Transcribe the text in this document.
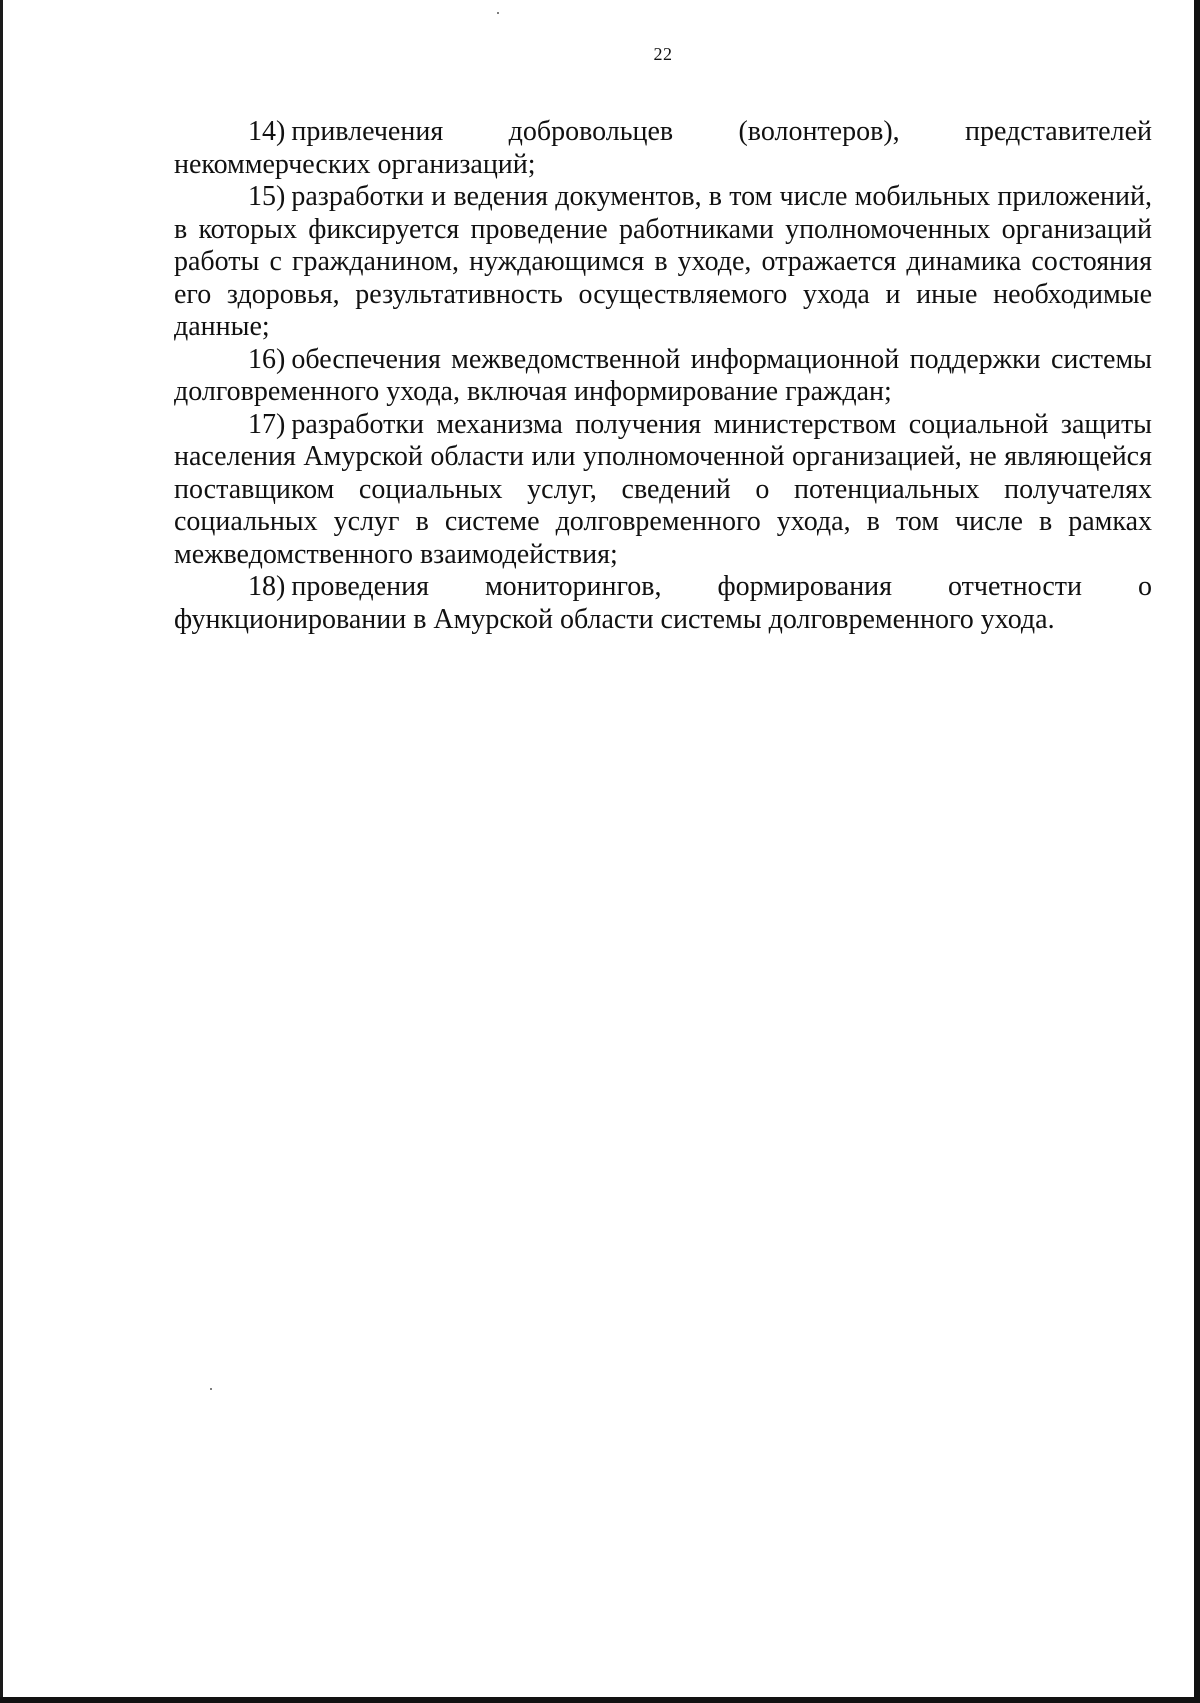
22

14) привлечения добровольцев (волонтеров), представителей некоммерческих организаций;

15) разработки и ведения документов, в том числе мобильных приложений, в которых фиксируется проведение работниками уполномоченных организаций работы с гражданином, нуждающимся в уходе, отражается динамика состояния его здоровья, результативность осуществляемого ухода и иные необходимые данные;

16) обеспечения межведомственной информационной поддержки системы долговременного ухода, включая информирование граждан;

17) разработки механизма получения министерством социальной защиты населения Амурской области или уполномоченной организацией, не являющейся поставщиком социальных услуг, сведений о потенциальных получателях социальных услуг в системе долговременного ухода, в том числе в рамках межведомственного взаимодействия;

18) проведения мониторингов, формирования отчетности о функционировании в Амурской области системы долговременного ухода.
